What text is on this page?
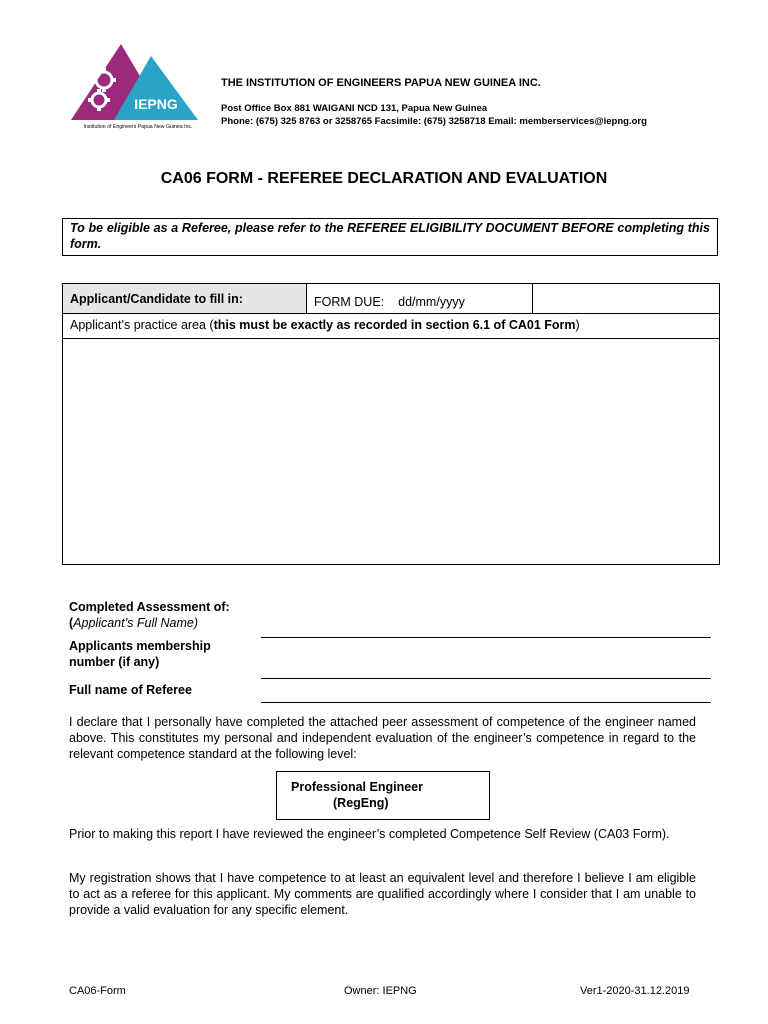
IEPNG
Institution of Engineers Papua New Guinea Inc.
THE INSTITUTION OF ENGINEERS PAPUA NEW GUINEA INC.
Post Office Box 881 WAIGANI NCD 131, Papua New Guinea
Phone: (675) 325 8763 or 3258765 Facsimile: (675) 3258718 Email: memberservices@iepng.org
CA06 FORM - REFEREE DECLARATION AND EVALUATION
To be eligible as a Referee, please refer to the REFEREE ELIGIBILITY DOCUMENT BEFORE completing this form.
Applicant/Candidate to fill in:	FORM DUE: dd/mm/yyyy
Applicant’s practice area (this must be exactly as recorded in section 6.1 of CA01 Form)
Completed Assessment of:
(Applicant’s Full Name)
Applicants membership
number (if any)
Full name of Referee
I declare that I personally have completed the attached peer assessment of competence of the engineer named above. This constitutes my personal and independent evaluation of the engineer’s competence in regard to the relevant competence standard at the following level:
Professional Engineer
(RegEng)
Prior to making this report I have reviewed the engineer’s completed Competence Self Review (CA03 Form).
My registration shows that I have competence to at least an equivalent level and therefore I believe I am eligible to act as a referee for this applicant. My comments are qualified accordingly where I consider that I am unable to provide a valid evaluation for any specific element.
CA06-Form	Owner: IEPNG	Ver1-2020-31.12.2019
